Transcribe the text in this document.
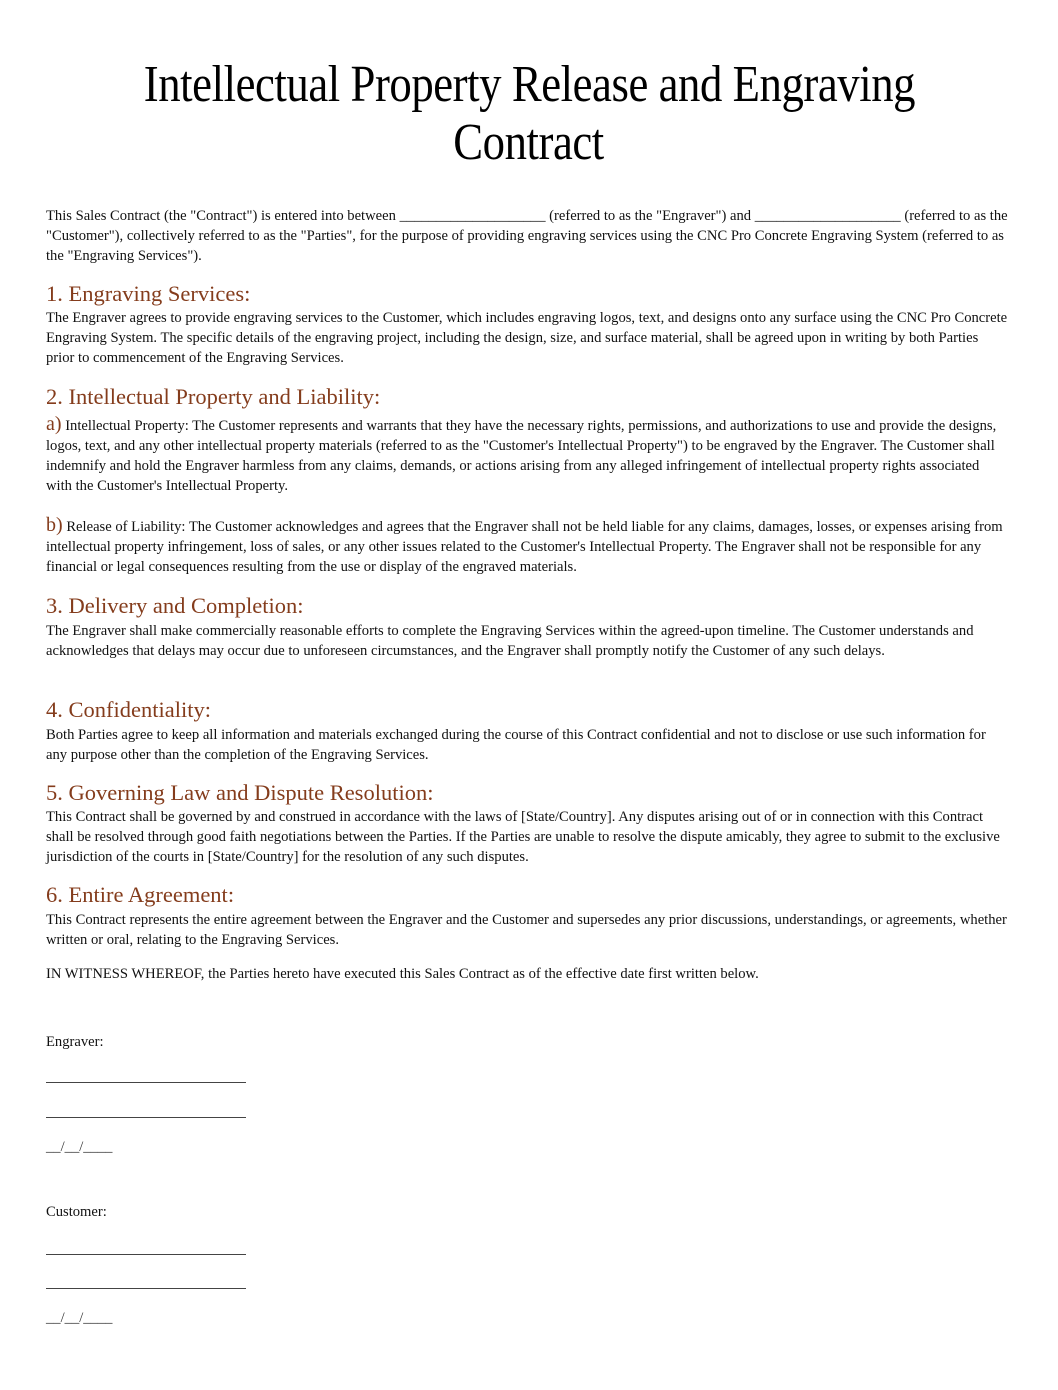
Intellectual Property Release and Engraving
Contract

This Sales Contract (the "Contract") is entered into between ____________________ (referred to as the "Engraver") and ____________________ (referred to as the "Customer"), collectively referred to as the "Parties", for the purpose of providing engraving services using the CNC Pro Concrete Engraving System (referred to as the "Engraving Services").

1. Engraving Services:

The Engraver agrees to provide engraving services to the Customer, which includes engraving logos, text, and designs onto any surface using the CNC Pro Concrete Engraving System. The specific details of the engraving project, including the design, size, and surface material, shall be agreed upon in writing by both Parties prior to commencement of the Engraving Services.

2. Intellectual Property and Liability:

a) Intellectual Property: The Customer represents and warrants that they have the necessary rights, permissions, and authorizations to use and provide the designs, logos, text, and any other intellectual property materials (referred to as the "Customer's Intellectual Property") to be engraved by the Engraver. The Customer shall indemnify and hold the Engraver harmless from any claims, demands, or actions arising from any alleged infringement of intellectual property rights associated with the Customer's Intellectual Property.

b) Release of Liability: The Customer acknowledges and agrees that the Engraver shall not be held liable for any claims, damages, losses, or expenses arising from intellectual property infringement, loss of sales, or any other issues related to the Customer's Intellectual Property. The Engraver shall not be responsible for any financial or legal consequences resulting from the use or display of the engraved materials.

3. Delivery and Completion:

The Engraver shall make commercially reasonable efforts to complete the Engraving Services within the agreed-upon timeline. The Customer understands and acknowledges that delays may occur due to unforeseen circumstances, and the Engraver shall promptly notify the Customer of any such delays.

4. Confidentiality:

Both Parties agree to keep all information and materials exchanged during the course of this Contract confidential and not to disclose or use such information for any purpose other than the completion of the Engraving Services.

5. Governing Law and Dispute Resolution:

This Contract shall be governed by and construed in accordance with the laws of [State/Country]. Any disputes arising out of or in connection with this Contract shall be resolved through good faith negotiations between the Parties. If the Parties are unable to resolve the dispute amicably, they agree to submit to the exclusive jurisdiction of the courts in [State/Country] for the resolution of any such disputes.

6. Entire Agreement:

This Contract represents the entire agreement between the Engraver and the Customer and supersedes any prior discussions, understandings, or agreements, whether written or oral, relating to the Engraving Services.

IN WITNESS WHEREOF, the Parties hereto have executed this Sales Contract as of the effective date first written below.

Engraver:

__/__/____

Customer:

__/__/____
